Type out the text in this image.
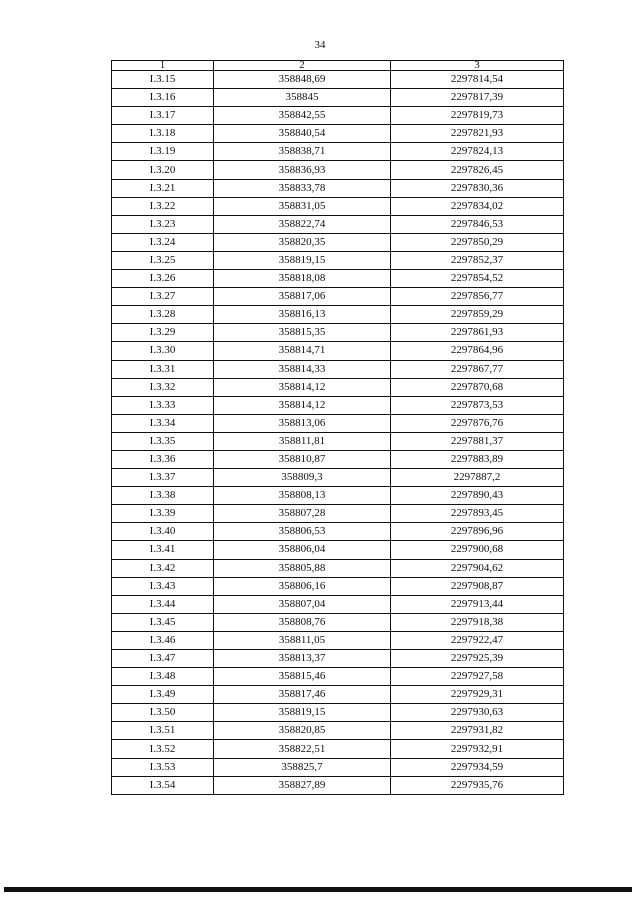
34
1	2	3
I.3.15	358848,69	2297814,54
I.3.16	358845	2297817,39
I.3.17	358842,55	2297819,73
I.3.18	358840,54	2297821,93
I.3.19	358838,71	2297824,13
I.3.20	358836,93	2297826,45
I.3.21	358833,78	2297830,36
I.3.22	358831,05	2297834,02
I.3.23	358822,74	2297846,53
I.3.24	358820,35	2297850,29
I.3.25	358819,15	2297852,37
I.3.26	358818,08	2297854,52
I.3.27	358817,06	2297856,77
I.3.28	358816,13	2297859,29
I.3.29	358815,35	2297861,93
I.3.30	358814,71	2297864,96
I.3.31	358814,33	2297867,77
I.3.32	358814,12	2297870,68
I.3.33	358814,12	2297873,53
I.3.34	358813,06	2297876,76
I.3.35	358811,81	2297881,37
I.3.36	358810,87	2297883,89
I.3.37	358809,3	2297887,2
I.3.38	358808,13	2297890,43
I.3.39	358807,28	2297893,45
I.3.40	358806,53	2297896,96
I.3.41	358806,04	2297900,68
I.3.42	358805,88	2297904,62
I.3.43	358806,16	2297908,87
I.3.44	358807,04	2297913,44
I.3.45	358808,76	2297918,38
I.3.46	358811,05	2297922,47
I.3.47	358813,37	2297925,39
I.3.48	358815,46	2297927,58
I.3.49	358817,46	2297929,31
I.3.50	358819,15	2297930,63
I.3.51	358820,85	2297931,82
I.3.52	358822,51	2297932,91
I.3.53	358825,7	2297934,59
I.3.54	358827,89	2297935,76
